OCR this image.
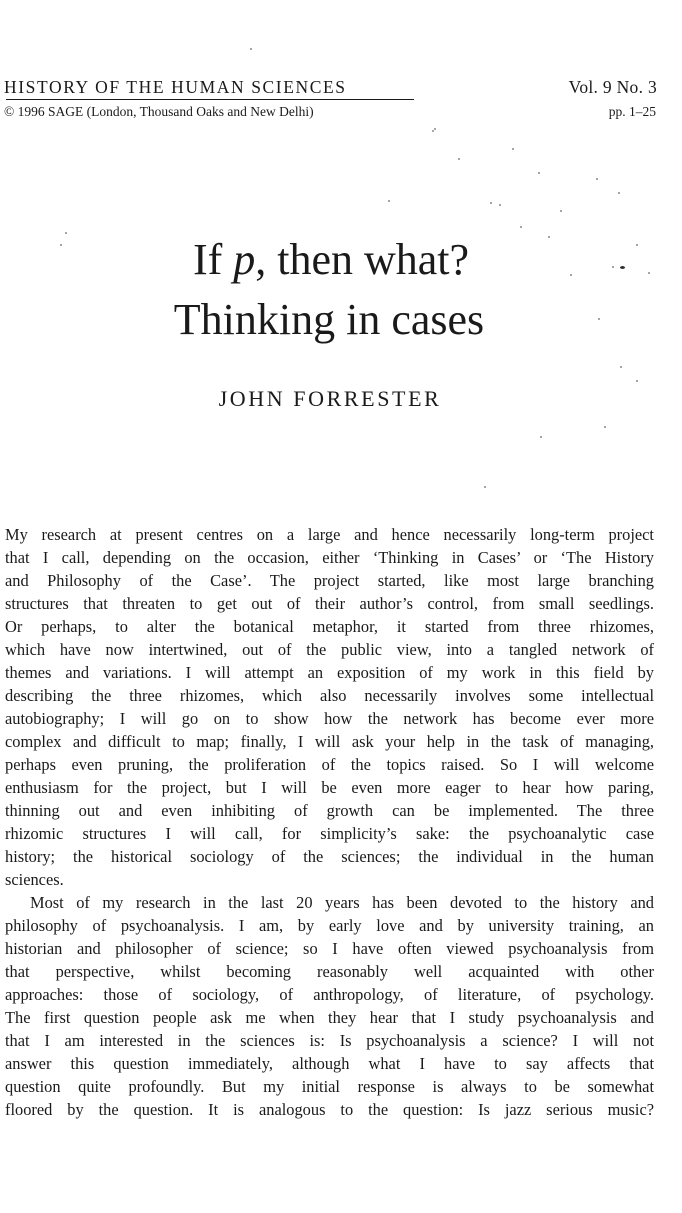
HISTORY OF THE HUMAN SCIENCES	Vol. 9 No. 3
© 1996 SAGE (London, Thousand Oaks and New Delhi)	pp. 1–25
If p, then what?
Thinking in cases
JOHN FORRESTER
My research at present centres on a large and hence necessarily long-term project
that I call, depending on the occasion, either ‘Thinking in Cases’ or ‘The History
and Philosophy of the Case’. The project started, like most large branching
structures that threaten to get out of their author’s control, from small seedlings.
Or perhaps, to alter the botanical metaphor, it started from three rhizomes,
which have now intertwined, out of the public view, into a tangled network of
themes and variations. I will attempt an exposition of my work in this field by
describing the three rhizomes, which also necessarily involves some intellectual
autobiography; I will go on to show how the network has become ever more
complex and difficult to map; finally, I will ask your help in the task of managing,
perhaps even pruning, the proliferation of the topics raised. So I will welcome
enthusiasm for the project, but I will be even more eager to hear how paring,
thinning out and even inhibiting of growth can be implemented. The three
rhizomic structures I will call, for simplicity’s sake: the psychoanalytic case
history; the historical sociology of the sciences; the individual in the human
sciences.
Most of my research in the last 20 years has been devoted to the history and
philosophy of psychoanalysis. I am, by early love and by university training, an
historian and philosopher of science; so I have often viewed psychoanalysis from
that perspective, whilst becoming reasonably well acquainted with other
approaches: those of sociology, of anthropology, of literature, of psychology.
The first question people ask me when they hear that I study psychoanalysis and
that I am interested in the sciences is: Is psychoanalysis a science? I will not
answer this question immediately, although what I have to say affects that
question quite profoundly. But my initial response is always to be somewhat
floored by the question. It is analogous to the question: Is jazz serious music?
